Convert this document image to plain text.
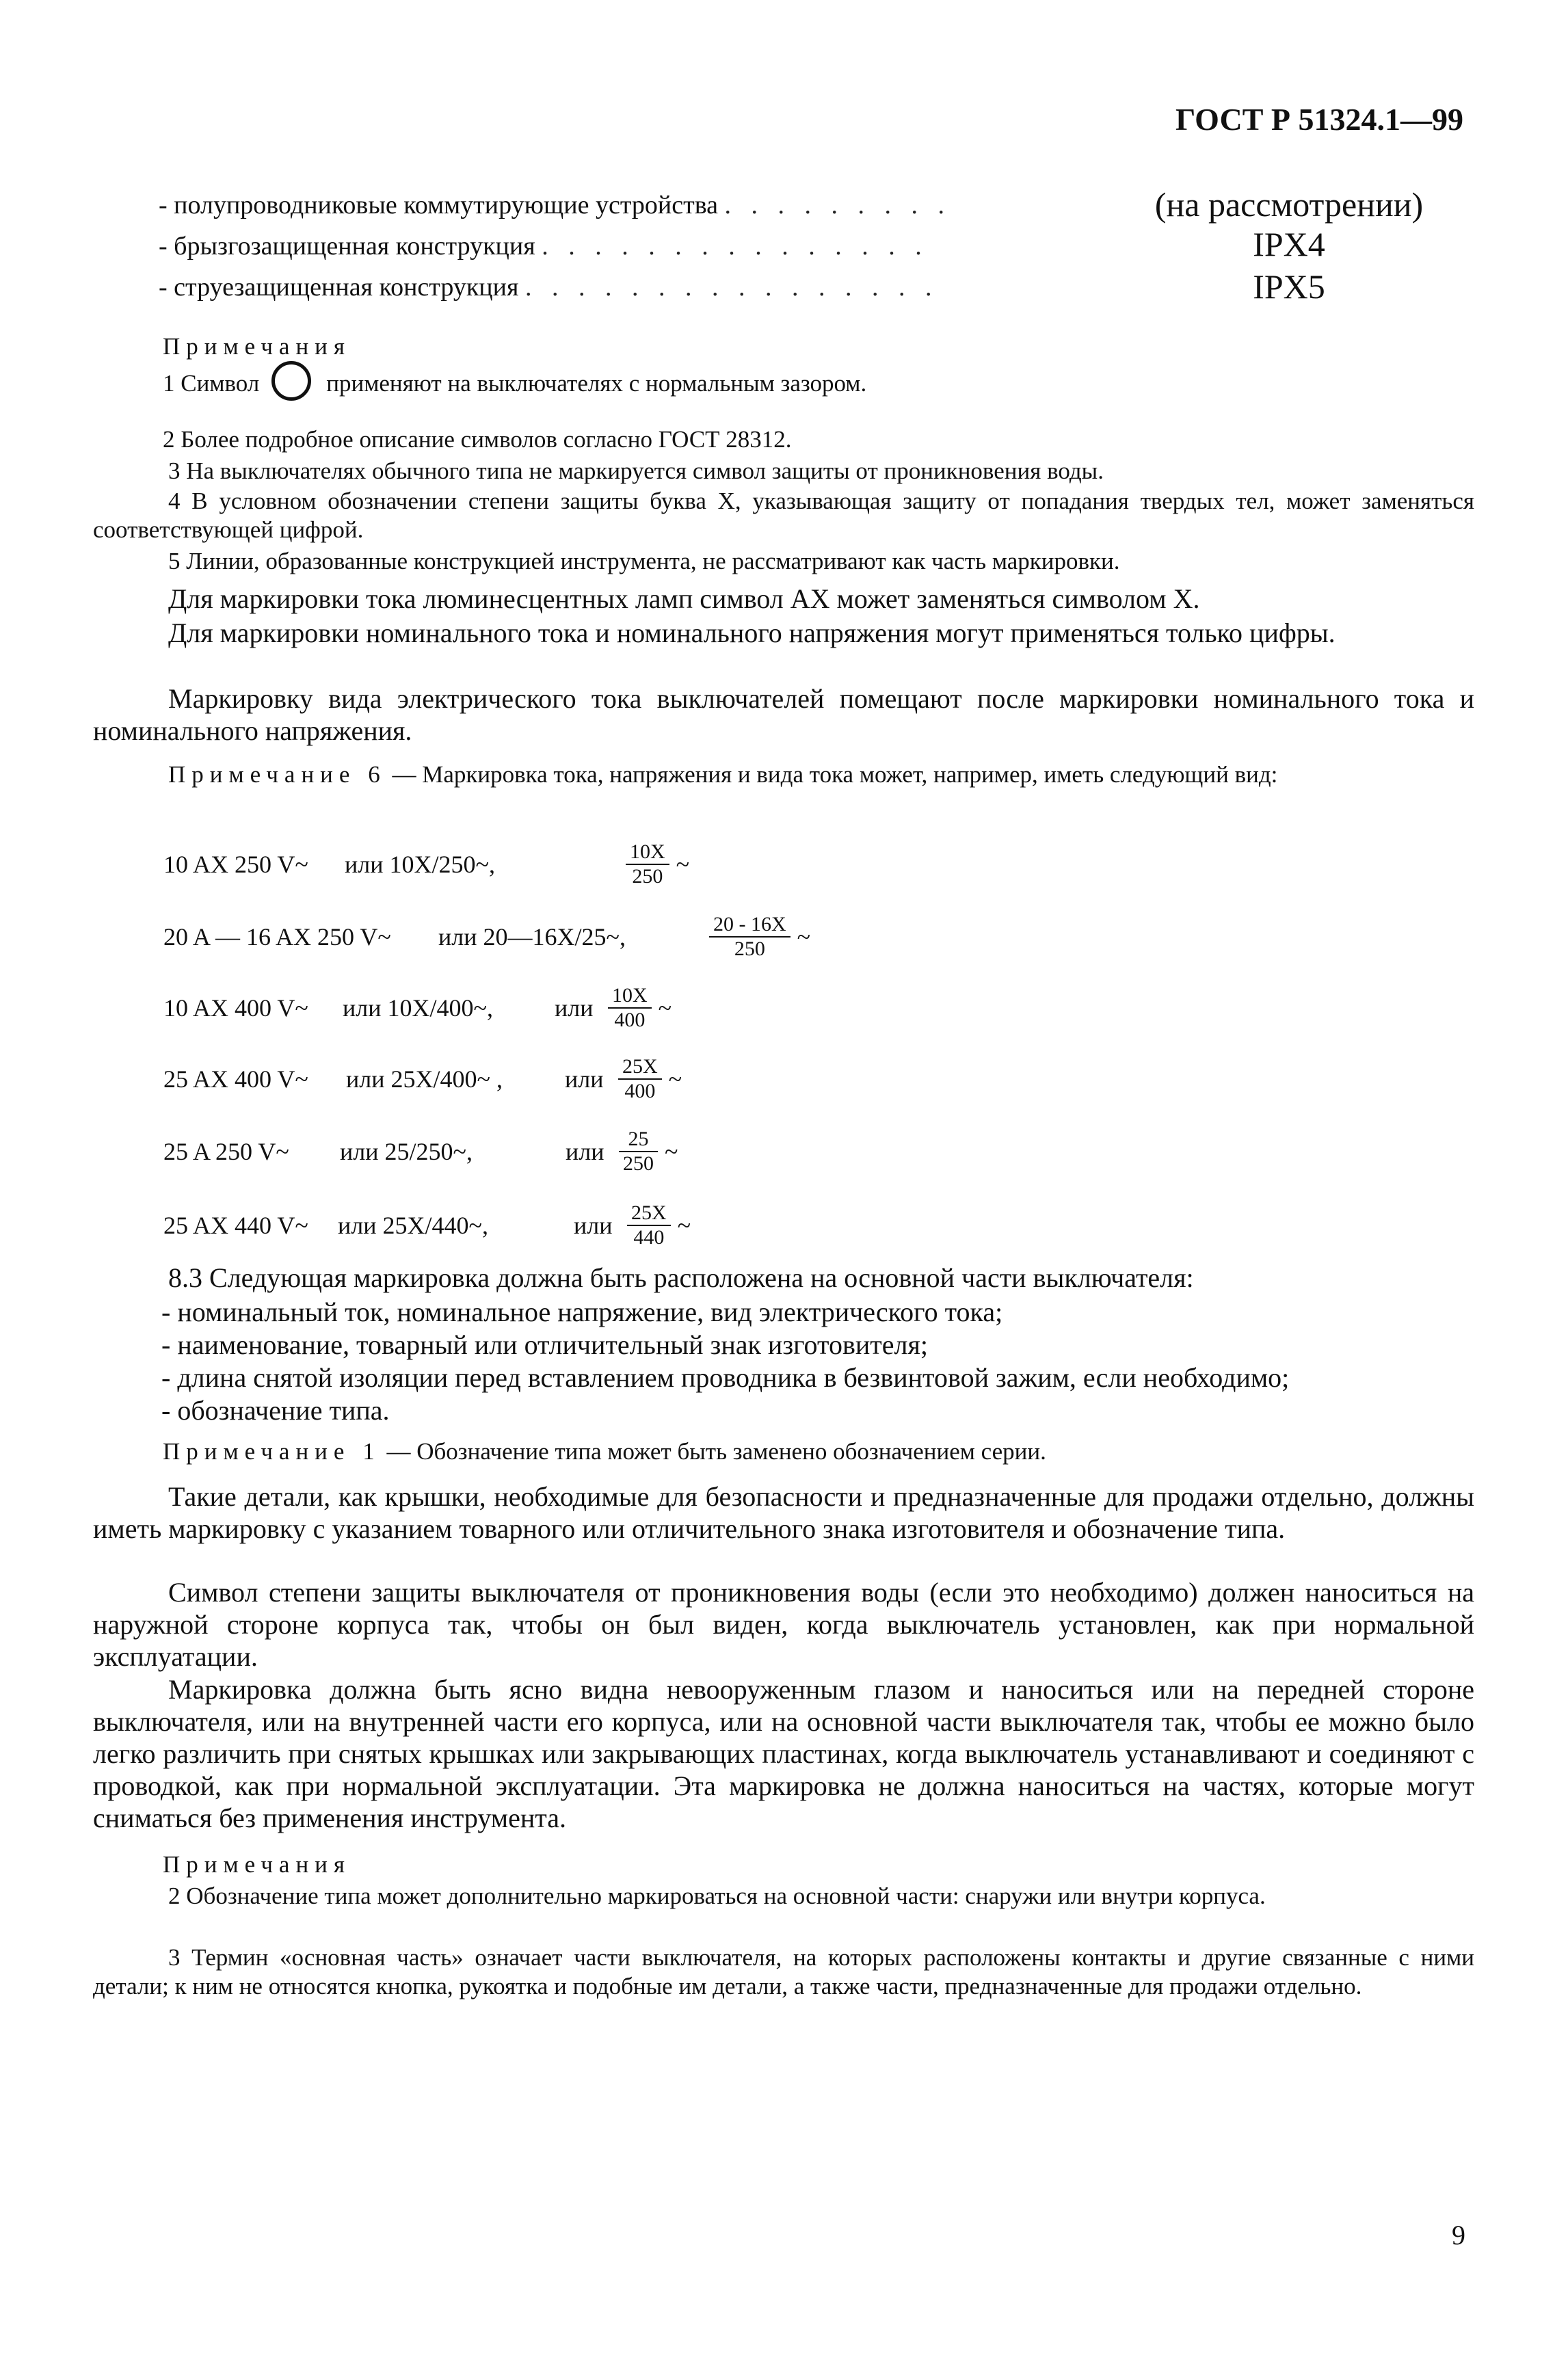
ГОСТ Р 51324.1—99
- полупроводниковые коммутирующие устройства . . . . . . . . .	(на рассмотрении)
- брызгозащищенная конструкция . . . . . . . . . . . . . . .	IPX4
- струезащищенная конструкция . . . . . . . . . . . . . . . .	IPX5
Примечания
1 Символ	применяют на выключателях с нормальным зазором.
2 Более подробное описание символов согласно ГОСТ 28312.
3 На выключателях обычного типа не маркируется символ защиты от проникновения воды.
4 В условном обозначении степени защиты буква X, указывающая защиту от попадания твердых тел, может заменяться соответствующей цифрой.
5 Линии, образованные конструкцией инструмента, не рассматривают как часть маркировки.
Для маркировки тока люминесцентных ламп символ AX может заменяться символом X.
Для маркировки номинального тока и номинального напряжения могут применяться только цифры.
Маркировку вида электрического тока выключателей помещают после маркировки номинального тока и номинального напряжения.
Примечание 6 — Маркировка тока, напряжения и вида тока может, например, иметь следующий вид:
10 AX 250 V~	или 10X/250~,	$\frac{10X}{250}$ ~
20 A — 16 AX 250 V~	или 20—16X/25~,	$\frac{20 - 16X}{250}$ ~
10 AX 400 V~	или 10X/400~,	или $\frac{10X}{400}$ ~
25 AX 400 V~	или 25X/400~ ,	или $\frac{25X}{400}$ ~
25 A 250 V~	или 25/250~,	или $\frac{25}{250}$ ~
25 AX 440 V~	или 25X/440~,	или $\frac{25X}{440}$ ~
8.3 Следующая маркировка должна быть расположена на основной части выключателя:
- номинальный ток, номинальное напряжение, вид электрического тока;
- наименование, товарный или отличительный знак изготовителя;
- длина снятой изоляции перед вставлением проводника в безвинтовой зажим, если необходимо;
- обозначение типа.
Примечание 1 — Обозначение типа может быть заменено обозначением серии.
Такие детали, как крышки, необходимые для безопасности и предназначенные для продажи отдельно, должны иметь маркировку с указанием товарного или отличительного знака изготовителя и обозначение типа.
Символ степени защиты выключателя от проникновения воды (если это необходимо) должен наноситься на наружной стороне корпуса так, чтобы он был виден, когда выключатель установлен, как при нормальной эксплуатации.
Маркировка должна быть ясно видна невооруженным глазом и наноситься или на передней стороне выключателя, или на внутренней части его корпуса, или на основной части выключателя так, чтобы ее можно было легко различить при снятых крышках или закрывающих пластинах, когда выключатель устанавливают и соединяют с проводкой, как при нормальной эксплуатации. Эта маркировка не должна наноситься на частях, которые могут сниматься без применения инструмента.
Примечания
2 Обозначение типа может дополнительно маркироваться на основной части: снаружи или внутри корпуса.
3 Термин «основная часть» означает части выключателя, на которых расположены контакты и другие связанные с ними детали; к ним не относятся кнопка, рукоятка и подобные им детали, а также части, предназначенные для продажи отдельно.
9
